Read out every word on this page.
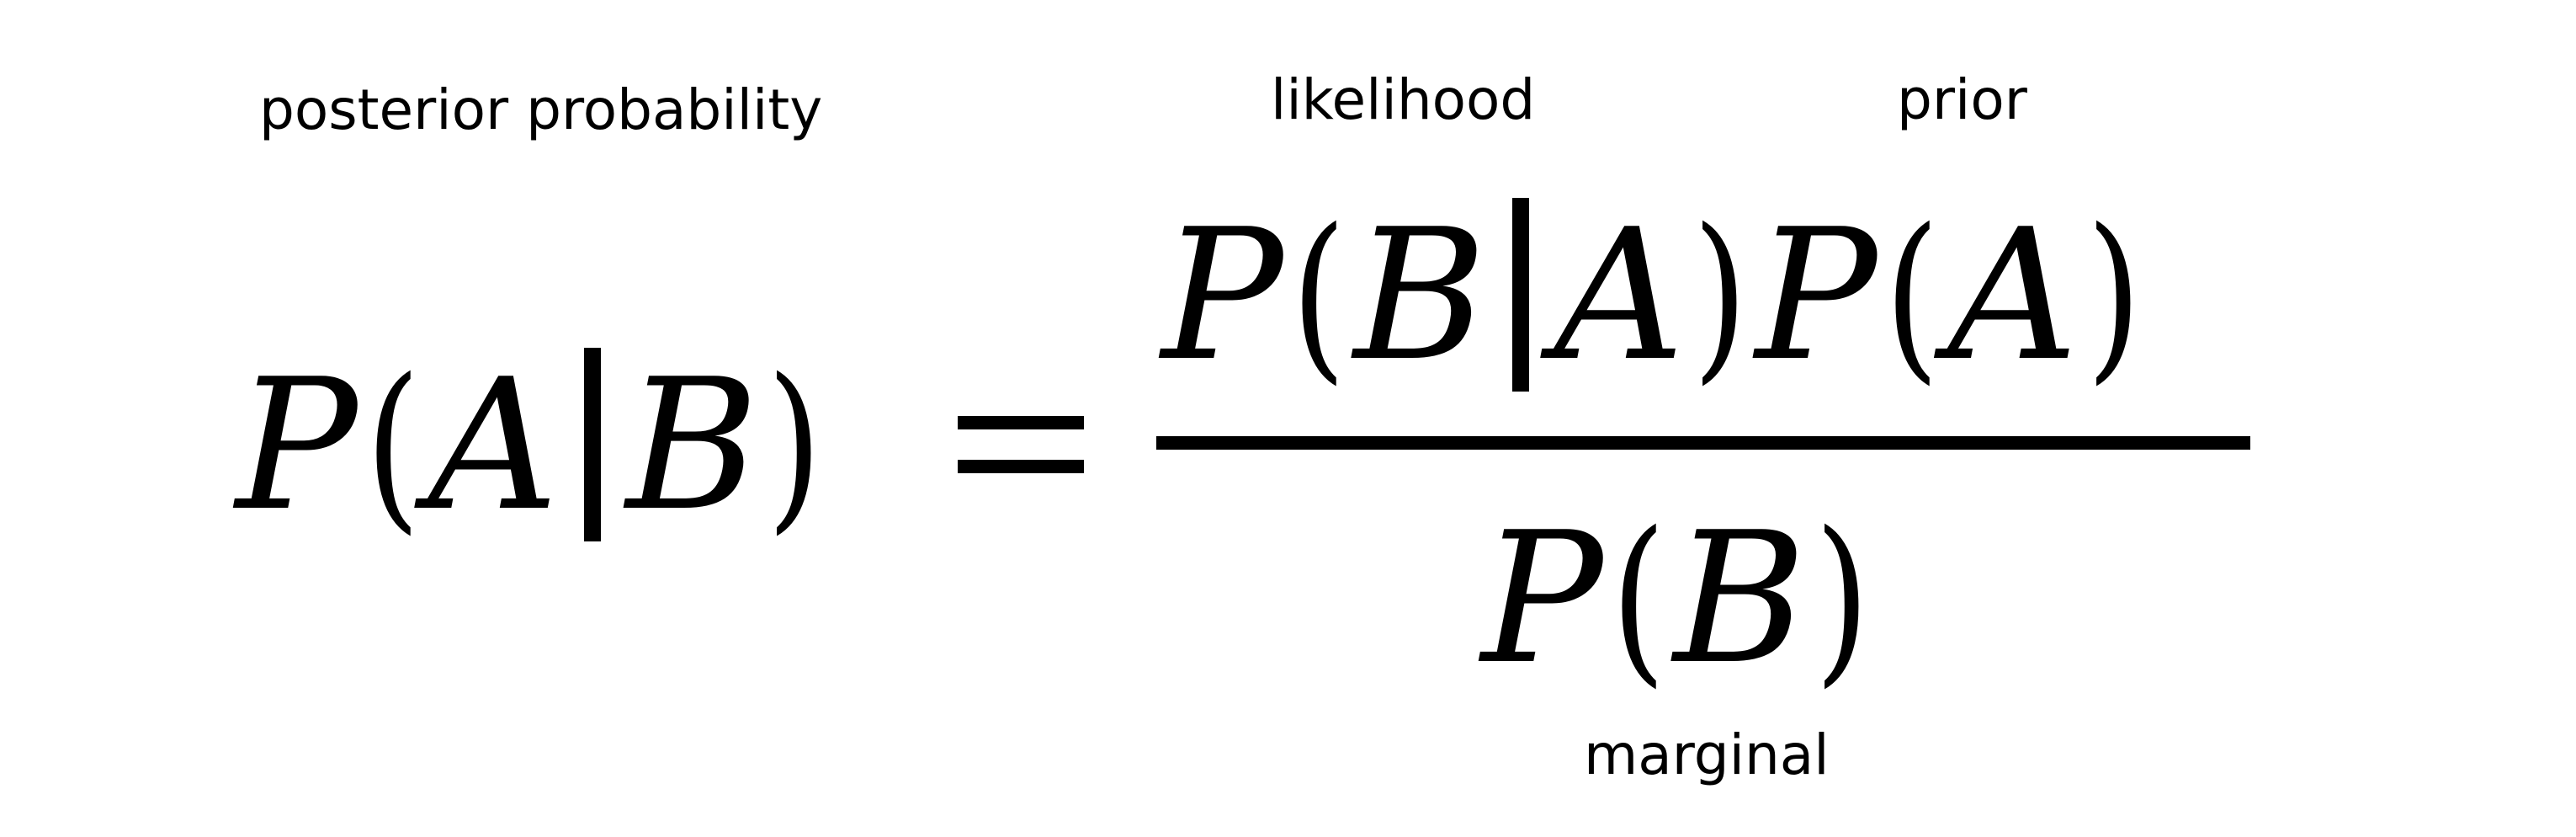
posterior probability	likelihood	prior
marginal
P ( A B )
P ( B A ) P ( A )
P ( B )
